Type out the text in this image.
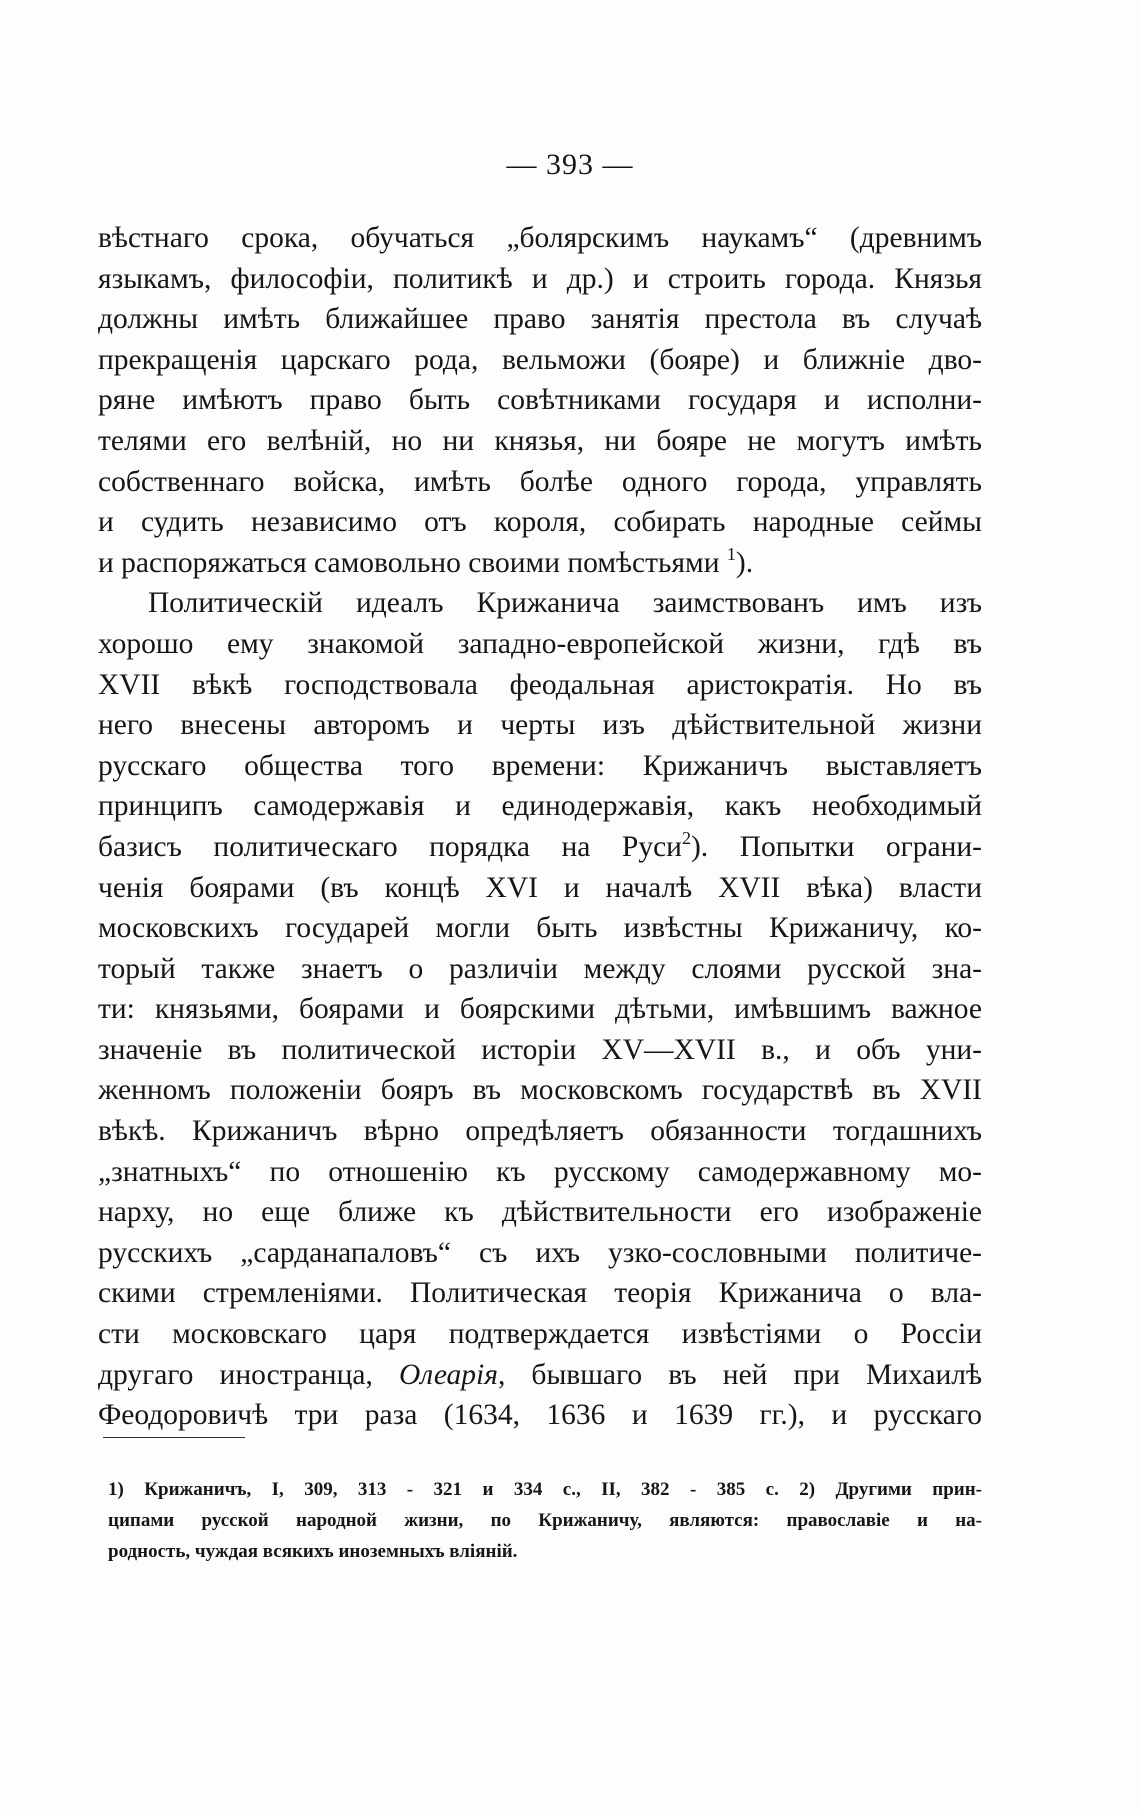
— 393 —
вѣстнаго срока, обучаться „болярскимъ наукамъ“ (древнимъ
языкамъ, философіи, политикѣ и др.) и строить города. Князья
должны имѣть ближайшее право занятія престола въ случаѣ
прекращенія царскаго рода, вельможи (бояре) и ближніе дво-
ряне имѣютъ право быть совѣтниками государя и исполни-
телями его велѣній, но ни князья, ни бояре не могутъ имѣть
собственнаго войска, имѣть болѣе одного города, управлять
и судить независимо отъ короля, собирать народные сеймы
и распоряжаться самовольно своими помѣстьями $^1$).
Политическій идеалъ Крижанича заимствованъ имъ изъ
хорошо ему знакомой западно-европейской жизни, гдѣ въ
XVII вѣкѣ господствовала феодальная аристократія. Но въ
него внесены авторомъ и черты изъ дѣйствительной жизни
русскаго общества того времени: Крижаничъ выставляетъ
принципъ самодержавія и единодержавія, какъ необходимый
базисъ политическаго порядка на Руси$^2$). Попытки ограни-
ченія боярами (въ концѣ XVI и началѣ XVII вѣка) власти
московскихъ государей могли быть извѣстны Крижаничу, ко-
торый также знаетъ о различіи между слоями русской зна-
ти: князьями, боярами и боярскими дѣтьми, имѣвшимъ важное
значеніе въ политической исторіи XV—XVII в., и объ уни-
женномъ положеніи бояръ въ московскомъ государствѣ въ XVII
вѣкѣ. Крижаничъ вѣрно опредѣляетъ обязанности тогдашнихъ
„знатныхъ“ по отношенію къ русскому самодержавному мо-
нарху, но еще ближе къ дѣйствительности его изображеніе
русскихъ „сарданапаловъ“ съ ихъ узко-сословными политиче-
скими стремленіями. Политическая теорія Крижанича о вла-
сти московскаго царя подтверждается извѣстіями о Россіи
другаго иностранца, Олеарія, бывшаго въ ней при Михаилѣ
Феодоровичѣ три раза (1634, 1636 и 1639 гг.), и русскаго
1) Крижаничъ, I, 309, 313 - 321 и 334 с., II, 382 - 385 с. 2) Другими прин-
ципами русской народной жизни, по Крижаничу, являются: православіе и на-
родность, чуждая всякихъ иноземныхъ вліяній.
